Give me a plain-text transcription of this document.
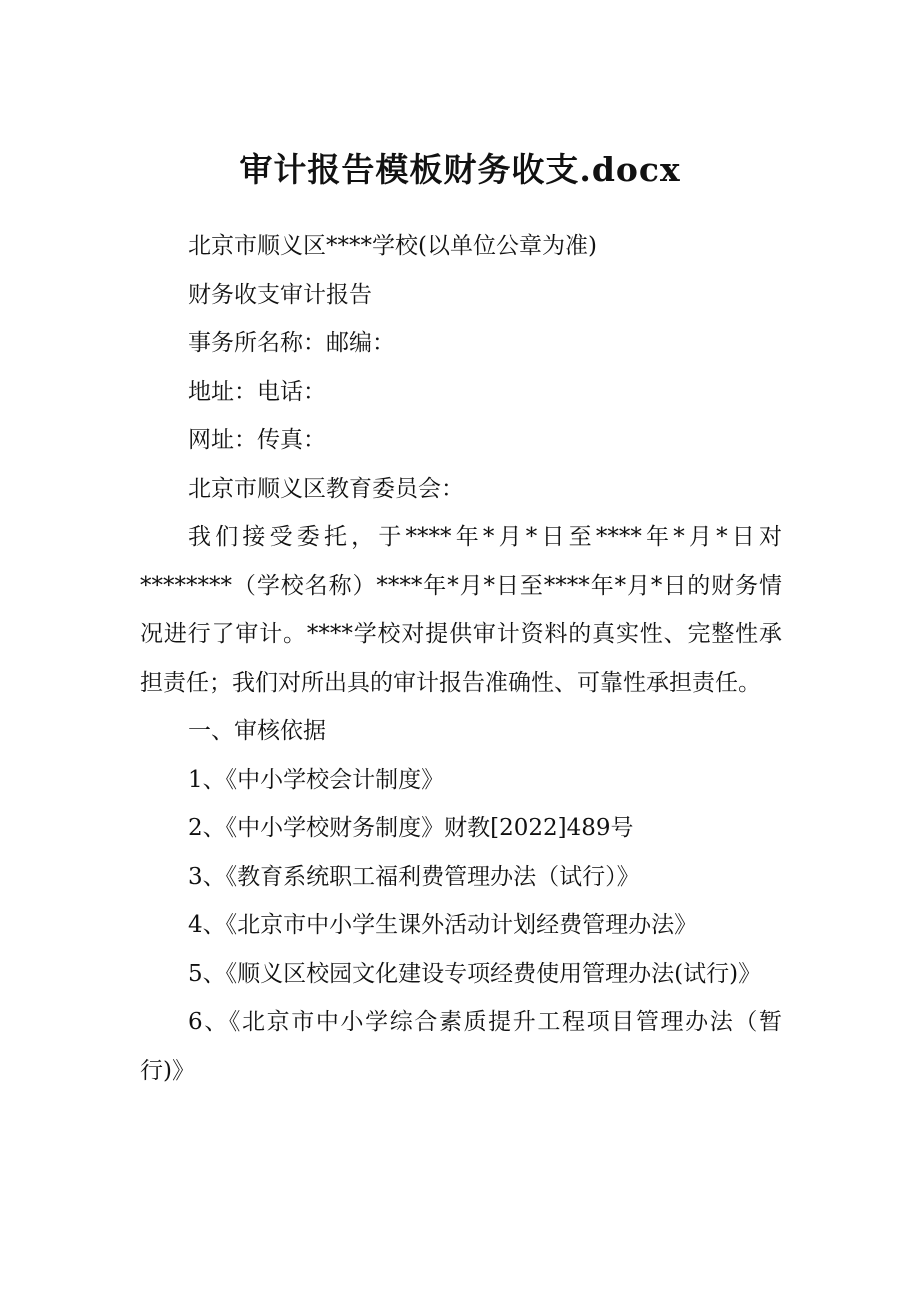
审计报告模板财务收支.docx

北京市顺义区****学校(以单位公章为准)

财务收支审计报告

事务所名称：邮编：

地址：电话：

网址：传真：

北京市顺义区教育委员会：

我们接受委托，于****年*月*日至****年*月*日对********（学校名称）****年*月*日至****年*月*日的财务情况进行了审计。****学校对提供审计资料的真实性、完整性承担责任；我们对所出具的审计报告准确性、可靠性承担责任。

一、审核依据

1、《中小学校会计制度》

2、《中小学校财务制度》财教[2022]489号

3、《教育系统职工福利费管理办法（试行）》

4、《北京市中小学生课外活动计划经费管理办法》

5、《顺义区校园文化建设专项经费使用管理办法(试行)》

6、《北京市中小学综合素质提升工程项目管理办法（暂行)》
